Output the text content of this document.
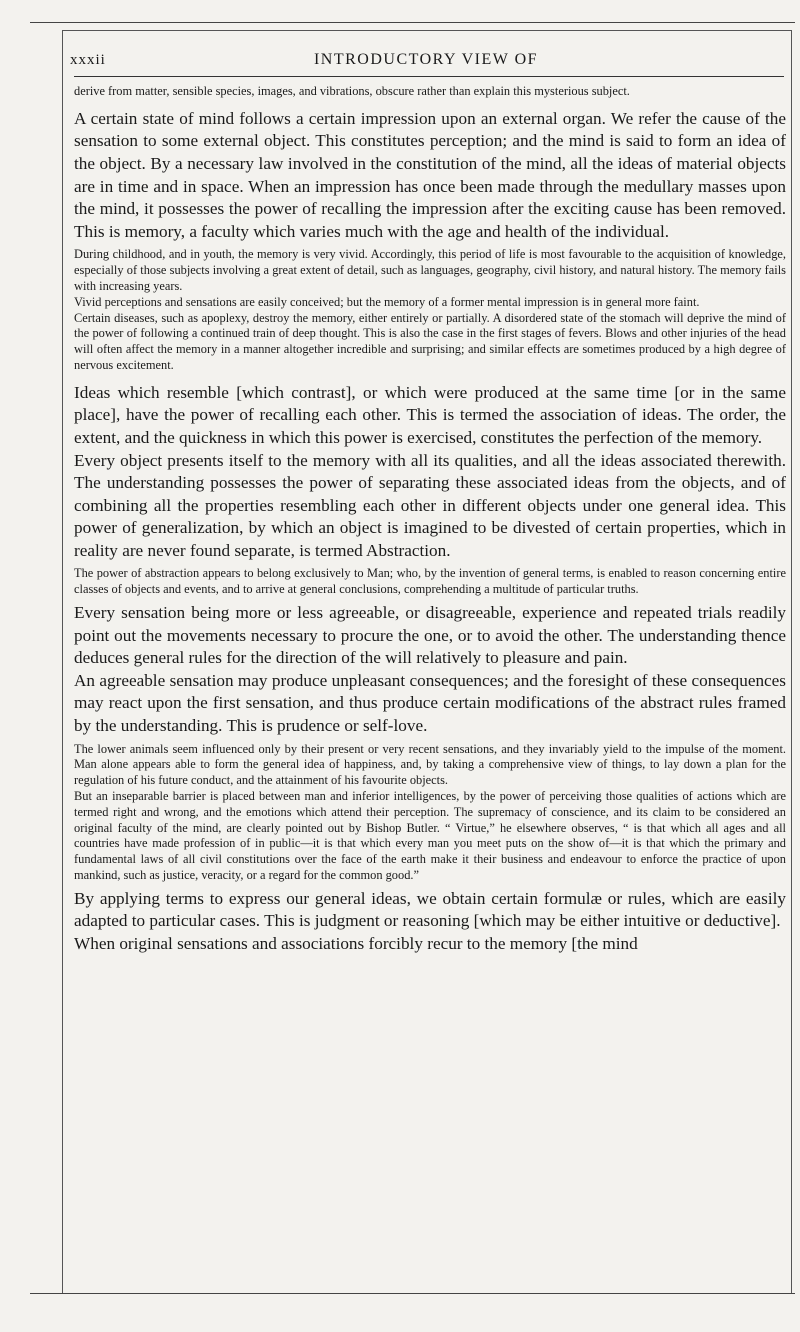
xxxii	INTRODUCTORY VIEW OF

derive from matter, sensible species, images, and vibrations, obscure rather than explain this mysterious subject.

A certain state of mind follows a certain impression upon an external organ. We refer the cause of the sensation to some external object. This constitutes perception; and the mind is said to form an idea of the object. By a necessary law involved in the constitution of the mind, all the ideas of material objects are in time and in space. When an impression has once been made through the medullary masses upon the mind, it possesses the power of recalling the impression after the exciting cause has been removed. This is memory, a faculty which varies much with the age and health of the individual.

During childhood, and in youth, the memory is very vivid. Accordingly, this period of life is most favourable to the acquisition of knowledge, especially of those subjects involving a great extent of detail, such as languages, geography, civil history, and natural history. The memory fails with increasing years.

Vivid perceptions and sensations are easily conceived; but the memory of a former mental impression is in general more faint.

Certain diseases, such as apoplexy, destroy the memory, either entirely or partially. A disordered state of the stomach will deprive the mind of the power of following a continued train of deep thought. This is also the case in the first stages of fevers. Blows and other injuries of the head will often affect the memory in a manner altogether incredible and surprising; and similar effects are sometimes produced by a high degree of nervous excitement.

Ideas which resemble [which contrast], or which were produced at the same time [or in the same place], have the power of recalling each other. This is termed the association of ideas. The order, the extent, and the quickness in which this power is exercised, constitutes the perfection of the memory.

Every object presents itself to the memory with all its qualities, and all the ideas associated therewith. The understanding possesses the power of separating these associated ideas from the objects, and of combining all the properties resembling each other in different objects under one general idea. This power of generalization, by which an object is imagined to be divested of certain properties, which in reality are never found separate, is termed Abstraction.

The power of abstraction appears to belong exclusively to Man; who, by the invention of general terms, is enabled to reason concerning entire classes of objects and events, and to arrive at general conclusions, comprehending a multitude of particular truths.

Every sensation being more or less agreeable, or disagreeable, experience and repeated trials readily point out the movements necessary to procure the one, or to avoid the other. The understanding thence deduces general rules for the direction of the will relatively to pleasure and pain.

An agreeable sensation may produce unpleasant consequences; and the foresight of these consequences may react upon the first sensation, and thus produce certain modifications of the abstract rules framed by the understanding. This is prudence or self-love.

The lower animals seem influenced only by their present or very recent sensations, and they invariably yield to the impulse of the moment. Man alone appears able to form the general idea of happiness, and, by taking a comprehensive view of things, to lay down a plan for the regulation of his future conduct, and the attainment of his favourite objects.

But an inseparable barrier is placed between man and inferior intelligences, by the power of perceiving those qualities of actions which are termed right and wrong, and the emotions which attend their perception. The supremacy of conscience, and its claim to be considered an original faculty of the mind, are clearly pointed out by Bishop Butler. “ Virtue,” he elsewhere observes, “ is that which all ages and all countries have made profession of in public—it is that which every man you meet puts on the show of—it is that which the primary and fundamental laws of all civil constitutions over the face of the earth make it their business and endeavour to enforce the practice of upon mankind, such as justice, veracity, or a regard for the common good.”

By applying terms to express our general ideas, we obtain certain formulæ or rules, which are easily adapted to particular cases. This is judgment or reasoning [which may be either intuitive or deductive].

When original sensations and associations forcibly recur to the memory [the mind
